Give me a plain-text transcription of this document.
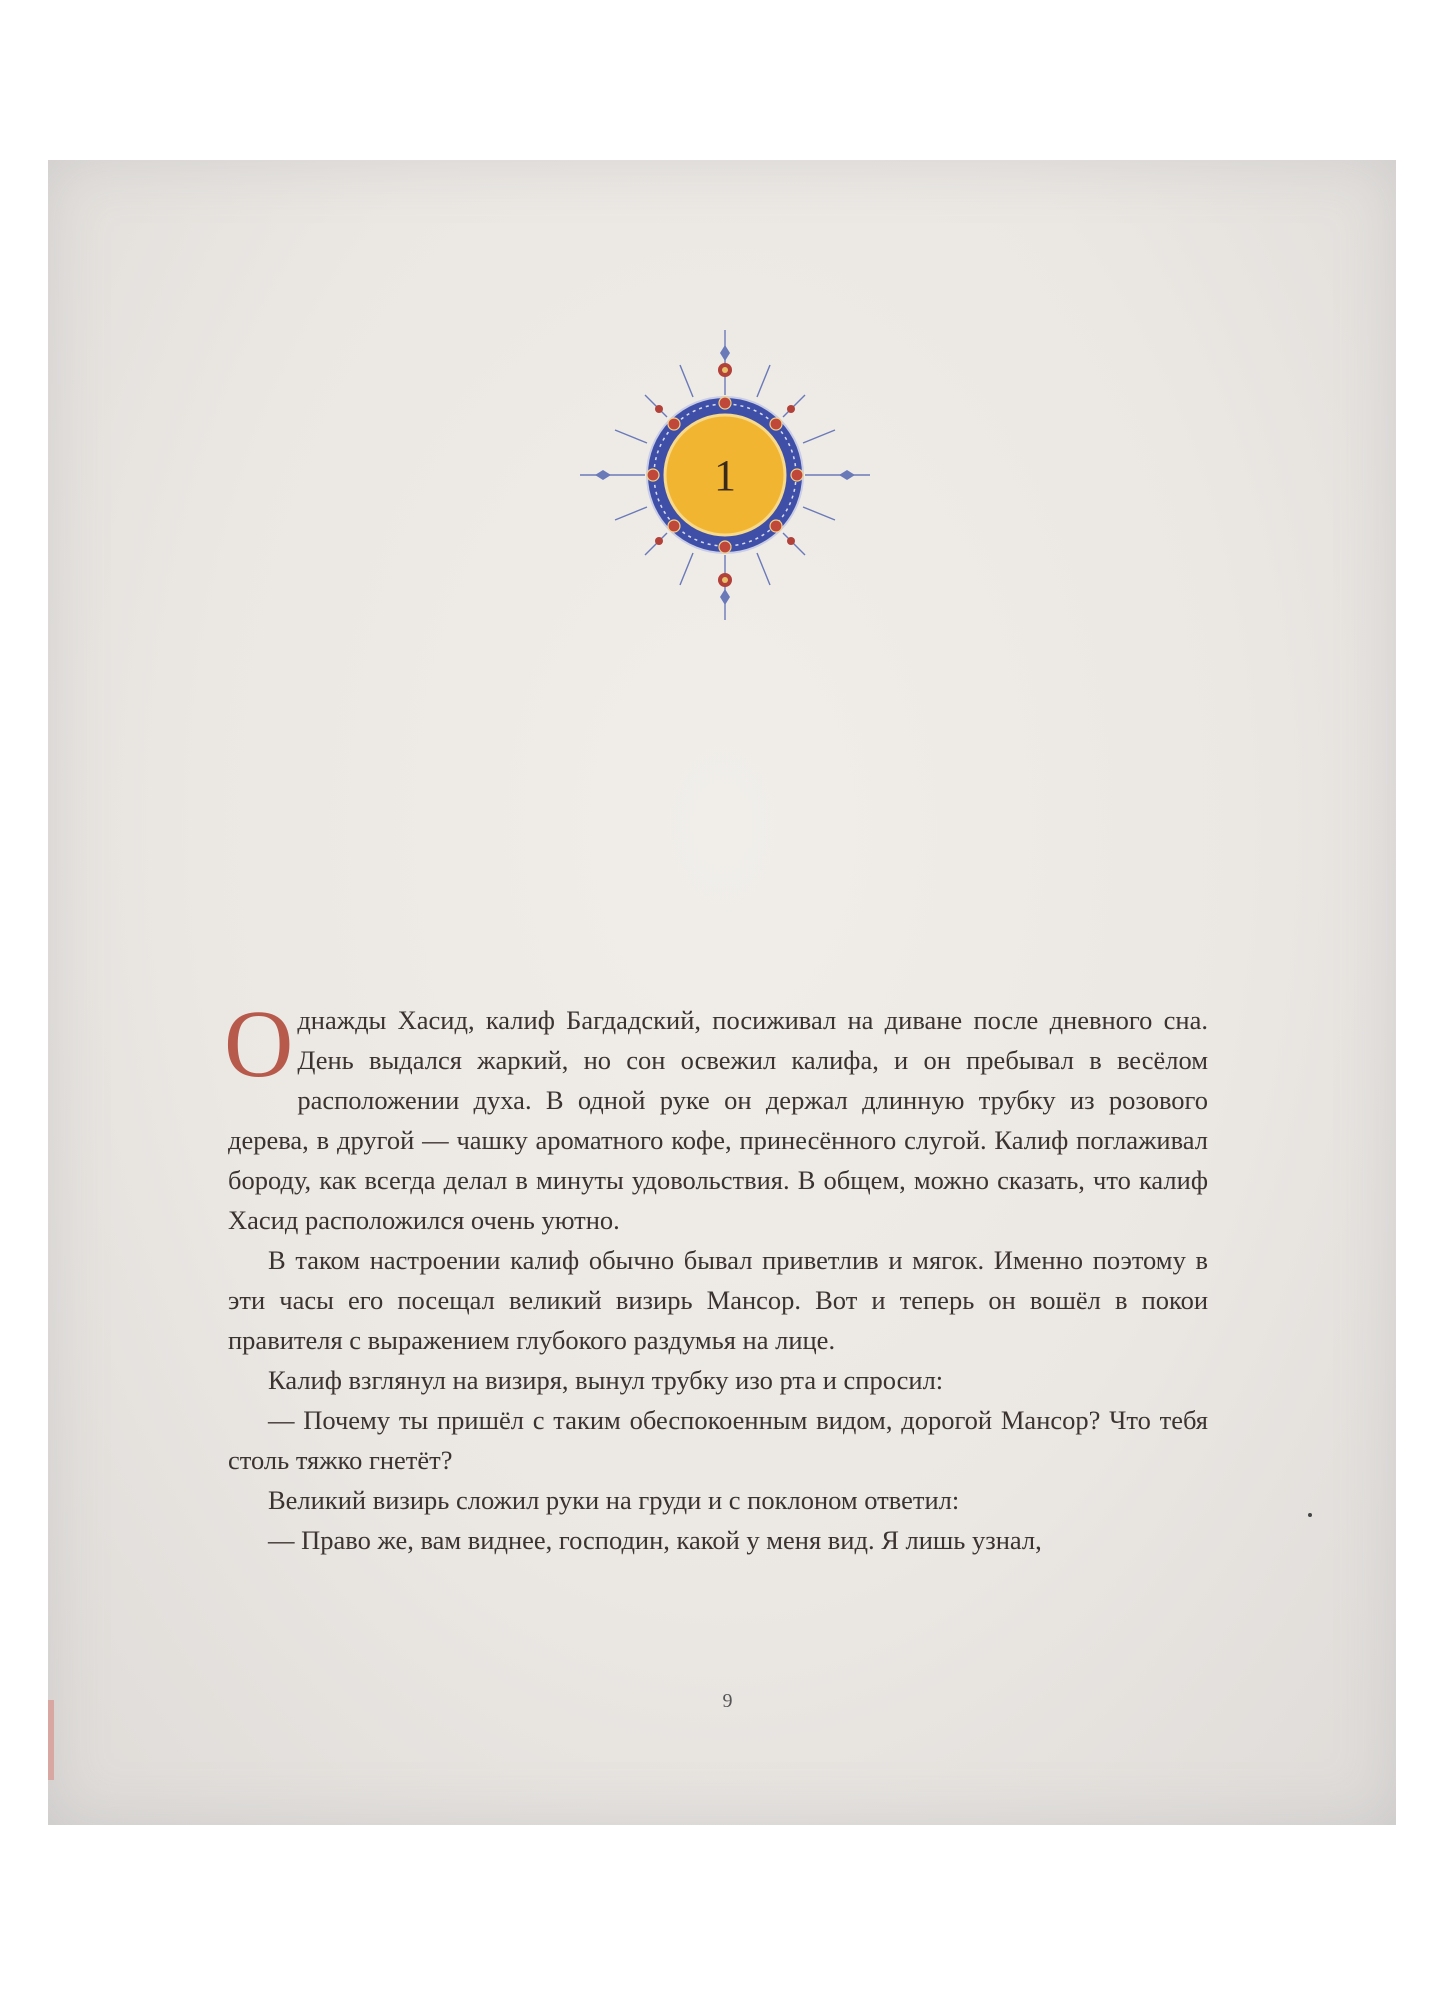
1

Однажды Хасид, калиф Багдадский, посиживал на диване после дневного сна. День выдался жаркий, но сон освежил калифа, и он пребывал в весёлом расположении духа. В одной руке он держал длинную трубку из розового дерева, в другой — чашку ароматного кофе, принесённого слугой. Калиф поглаживал бороду, как всегда делал в минуты удовольствия. В общем, можно сказать, что калиф Хасид расположился очень уютно.

В таком настроении калиф обычно бывал приветлив и мягок. Именно поэтому в эти часы его посещал великий визирь Мансор. Вот и теперь он вошёл в покои правителя с выражением глубокого раздумья на лице.

Калиф взглянул на визиря, вынул трубку изо рта и спросил:

— Почему ты пришёл с таким обеспокоенным видом, дорогой Мансор? Что тебя столь тяжко гнетёт?

Великий визирь сложил руки на груди и с поклоном ответил:

— Право же, вам виднее, господин, какой у меня вид. Я лишь узнал,

9
